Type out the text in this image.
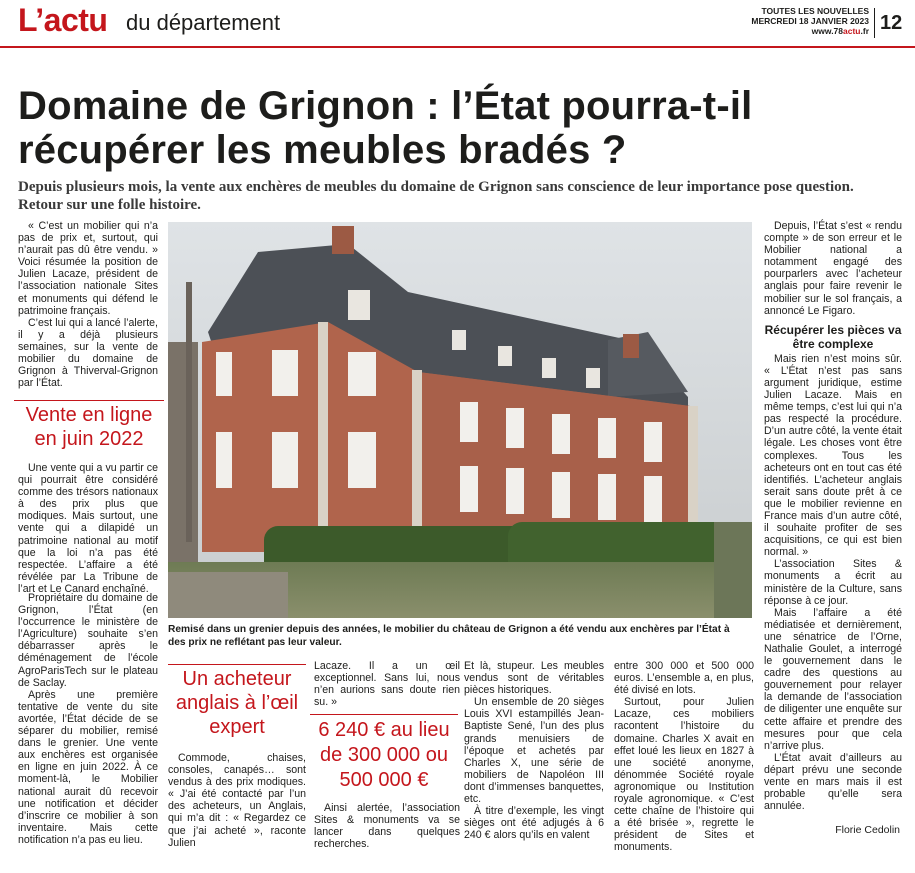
L’actu du département	TOUTES LES NOUVELLES
MERCREDI 18 JANVIER 2023
www.78actu.fr 12
Domaine de Grignon : l’État pourra-t-il récupérer les meubles bradés ?
Depuis plusieurs mois, la vente aux enchères de meubles du domaine de Grignon sans conscience de leur importance pose question. Retour sur une folle histoire.

« C’est un mobilier qui n’a pas de prix et, surtout, qui n’aurait pas dû être vendu. » Voici résumée la position de Julien Lacaze, président de l’association nationale Sites et monuments qui défend le patrimoine français.

C’est lui qui a lancé l’alerte, il y a déjà plusieurs semaines, sur la vente de mobilier du domaine de Grignon à Thiverval-Grignon par l’État.

Vente en ligne en juin 2022

Une vente qui a vu partir ce qui pourrait être considéré comme des trésors nationaux à des prix plus que modiques. Mais surtout, une vente qui a dilapidé un patrimoine national au motif que la loi n’a pas été respectée. L’affaire a été révélée par La Tribune de l’art et Le Canard enchaîné.

Propriétaire du domaine de Grignon, l’État (en l’occurrence le ministère de l’Agriculture) souhaite s’en débarrasser après le déménagement de l’école AgroParisTech sur le plateau de Saclay.

Après une première tentative de vente du site avortée, l’État décide de se séparer du mobilier, remisé dans le grenier. Une vente aux enchères est organisée en ligne en juin 2022. À ce moment-là, le Mobilier national aurait dû recevoir une notification et décider d’inscrire ce mobilier à son inventaire. Mais cette notification n’a pas eu lieu.

Remisé dans un grenier depuis des années, le mobilier du château de Grignon a été vendu aux enchères par l’État à des prix ne reflétant pas leur valeur.
Un acheteur anglais à l’œil expert

Commode, chaises, consoles, canapés… sont vendus à des prix modiques. « J’ai été contacté par l’un des acheteurs, un Anglais, qui m’a dit : « Regardez ce que j’ai acheté », raconte Julien

Lacaze. Il a un œil exceptionnel. Sans lui, nous n’en aurions sans doute rien su. »

6 240 € au lieu de 300 000 ou 500 000 €

Ainsi alertée, l’association Sites & monuments va se lancer dans quelques recherches.

Et là, stupeur. Les meubles vendus sont de véritables pièces historiques.

Un ensemble de 20 sièges Louis XVI estampillés Jean-Baptiste Sené, l’un des plus grands menuisiers de l’époque et achetés par Charles X, une série de mobiliers de Napoléon III dont d’immenses banquettes, etc.

À titre d’exemple, les vingt sièges ont été adjugés à 6 240 € alors qu’ils en valent

entre 300 000 et 500 000 euros. L’ensemble a, en plus, été divisé en lots.

Surtout, pour Julien Lacaze, ces mobiliers racontent l’histoire du domaine. Charles X avait en effet loué les lieux en 1827 à une société anonyme, dénommée Société royale agronomique ou Institution royale agronomique. « C’est cette chaîne de l’histoire qui a été brisée », regrette le président de Sites et monuments.

Depuis, l’État s’est « rendu compte » de son erreur et le Mobilier national a notamment engagé des pourparlers avec l’acheteur anglais pour faire revenir le mobilier sur le sol français, a annoncé Le Figaro.

Récupérer les pièces va être complexe

Mais rien n’est moins sûr. « L’État n’est pas sans argument juridique, estime Julien Lacaze. Mais en même temps, c’est lui qui n’a pas respecté la procédure. D’un autre côté, la vente était légale. Les choses vont être complexes. Tous les acheteurs ont en tout cas été identifiés. L’acheteur anglais serait sans doute prêt à ce que le mobilier revienne en France mais d’un autre côté, il souhaite profiter de ses acquisitions, ce qui est bien normal. »

L’association Sites & monuments a écrit au ministère de la Culture, sans réponse à ce jour.

Mais l’affaire a été médiatisée et dernièrement, une sénatrice de l’Orne, Nathalie Goulet, a interrogé le gouvernement dans le cadre des questions au gouvernement pour relayer la demande de l’association de diligenter une enquête sur cette affaire et prendre des mesures pour que cela n’arrive plus.

L’État avait d’ailleurs au départ prévu une seconde vente en mars mais il est probable qu’elle sera annulée.

Florie Cedolin
